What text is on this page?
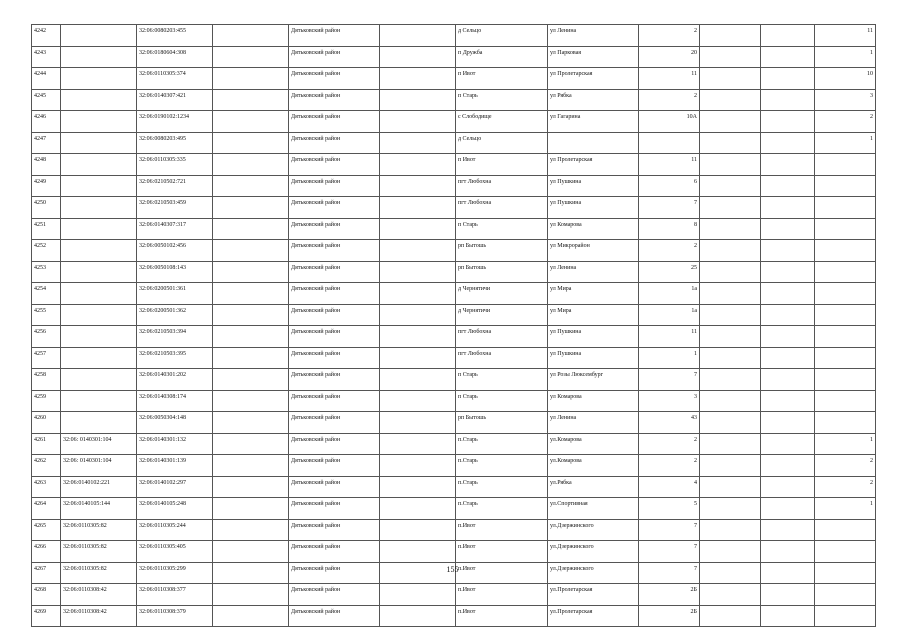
4242		32:06:0080203:455		Дятьковский район		д Сельцо	ул Ленина	2			11
4243		32:06:0180604:308		Дятьковский район		п Дружба	ул Парковая	20			1
4244		32:06:0110305:374		Дятьковский район		п Ивот	ул Пролетарская	11			10
4245		32:06:0140307:421		Дятьковский район		п Старь	ул Рябка	2			3
4246		32:06:0190102:1234		Дятьковский район		с Слободище	ул Гагарина	10А			2
4247		32:06:0080203:495		Дятьковский район		д Сельцо					1
4248		32:06:0110305:335		Дятьковский район		п Ивот	ул Пролетарская	11			
4249		32:06:0210502:721		Дятьковский район		пгт Любохна	ул Пушкина	6			
4250		32:06:0210503:459		Дятьковский район		пгт Любохна	ул Пушкина	7			
4251		32:06:0140307:317		Дятьковский район		п Старь	ул Комарова	8			
4252		32:06:0050102:456		Дятьковский район		рп Бытошь	ул Микрорайон	2			
4253		32:06:0050108:143		Дятьковский район		рп Бытошь	ул Ленина	25			
4254		32:06:0200501:361		Дятьковский район		д Чернятичи	ул Мира	1а			
4255		32:06:0200501:362		Дятьковский район		д Чернятичи	ул Мира	1а			
4256		32:06:0210503:394		Дятьковский район		пгт Любохна	ул Пушкина	11			
4257		32:06:0210503:395		Дятьковский район		пгт Любохна	ул Пушкина	1			
4258		32:06:0140301:202		Дятьковский район		п Старь	ул Розы Люксембург	7			
4259		32:06:0140308:174		Дятьковский район		п Старь	ул Комарова	3			
4260		32:06:0050304:148		Дятьковский район		рп Бытошь	ул Ленина	43			
4261	32:06: 0140301:104	32:06:0140301:132		Дятьковский район		п.Старь	ул.Комарова	2			1
4262	32:06: 0140301:104	32:06:0140301:139		Дятьковский район		п.Старь	ул.Комарова	2			2
4263	32:06:0140102:221	32:06:0140102:297		Дятьковский район		п.Старь	ул.Рябка	4			2
4264	32:06:0140105:144	32:06:0140105:248		Дятьковский район		п.Старь	ул.Спортивная	5			1
4265	32:06:0110305:82	32:06:0110305:244		Дятьковский район		п.Ивот	ул.Дзержинского	7			
4266	32:06:0110305:82	32:06:0110305:405		Дятьковский район		п.Ивот	ул.Дзержинского	7			
4267	32:06:0110305:82	32:06:0110305:299		Дятьковский район		п.Ивот	ул.Дзержинского	7			
4268	32:06:0110308:42	32:06:0110308:377		Дятьковский район		п.Ивот	ул.Пролетарская	2Б			
4269	32:06:0110308:42	32:06:0110308:379		Дятьковский район		п.Ивот	ул.Пролетарская	2Б			
155
